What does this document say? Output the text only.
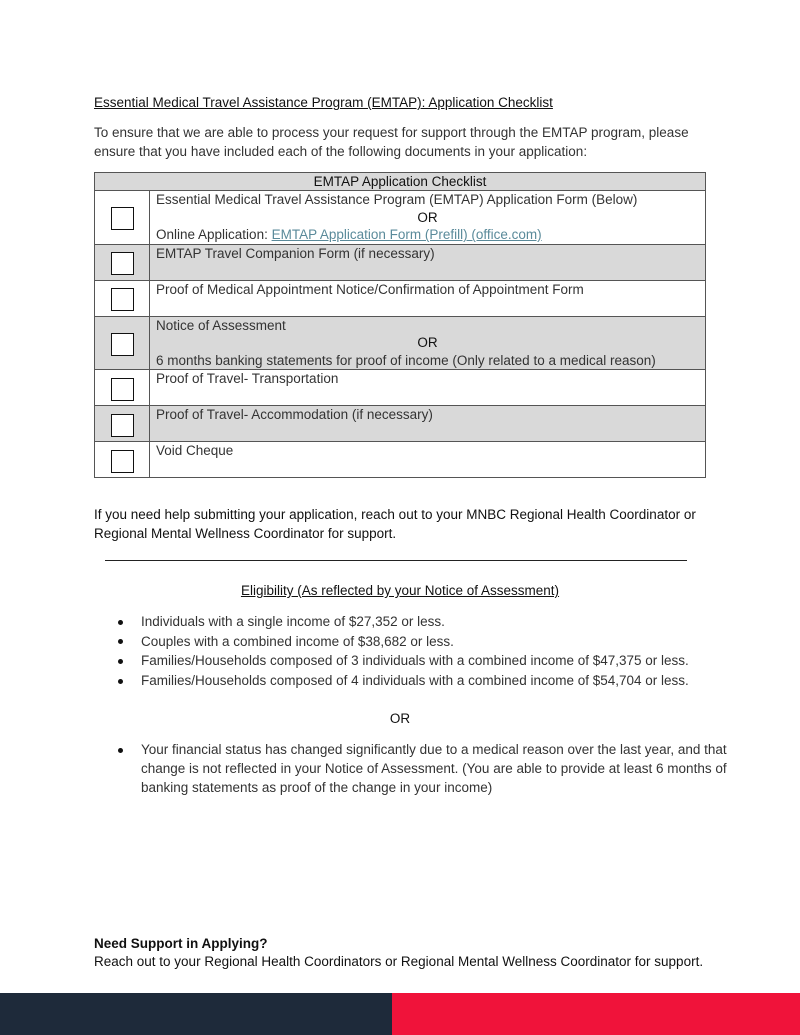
Essential Medical Travel Assistance Program (EMTAP): Application Checklist
To ensure that we are able to process your request for support through the EMTAP program, please ensure that you have included each of the following documents in your application:
EMTAP Application Checklist	

	Essential Medical Travel Assistance Program (EMTAP) Application Form (Below)
OR
Online Application: EMTAP Application Form (Prefill) (office.com)

	EMTAP Travel Companion Form (if necessary)

	Proof of Medical Appointment Notice/Confirmation of Appointment Form

	Notice of Assessment
OR
6 months banking statements for proof of income (Only related to a medical reason)

	Proof of Travel- Transportation

	Proof of Travel- Accommodation (if necessary)

	Void Cheque
If you need help submitting your application, reach out to your MNBC Regional Health Coordinator or Regional Mental Wellness Coordinator for support.
Eligibility (As reflected by your Notice of Assessment)
Individuals with a single income of $27,352 or less.
Couples with a combined income of $38,682 or less.
Families/Households composed of 3 individuals with a combined income of $47,375 or less.
Families/Households composed of 4 individuals with a combined income of $54,704 or less.
OR
Your financial status has changed significantly due to a medical reason over the last year, and that change is not reflected in your Notice of Assessment. (You are able to provide at least 6 months of banking statements as proof of the change in your income)
Need Support in Applying?
Reach out to your Regional Health Coordinators or Regional Mental Wellness Coordinator for support.
